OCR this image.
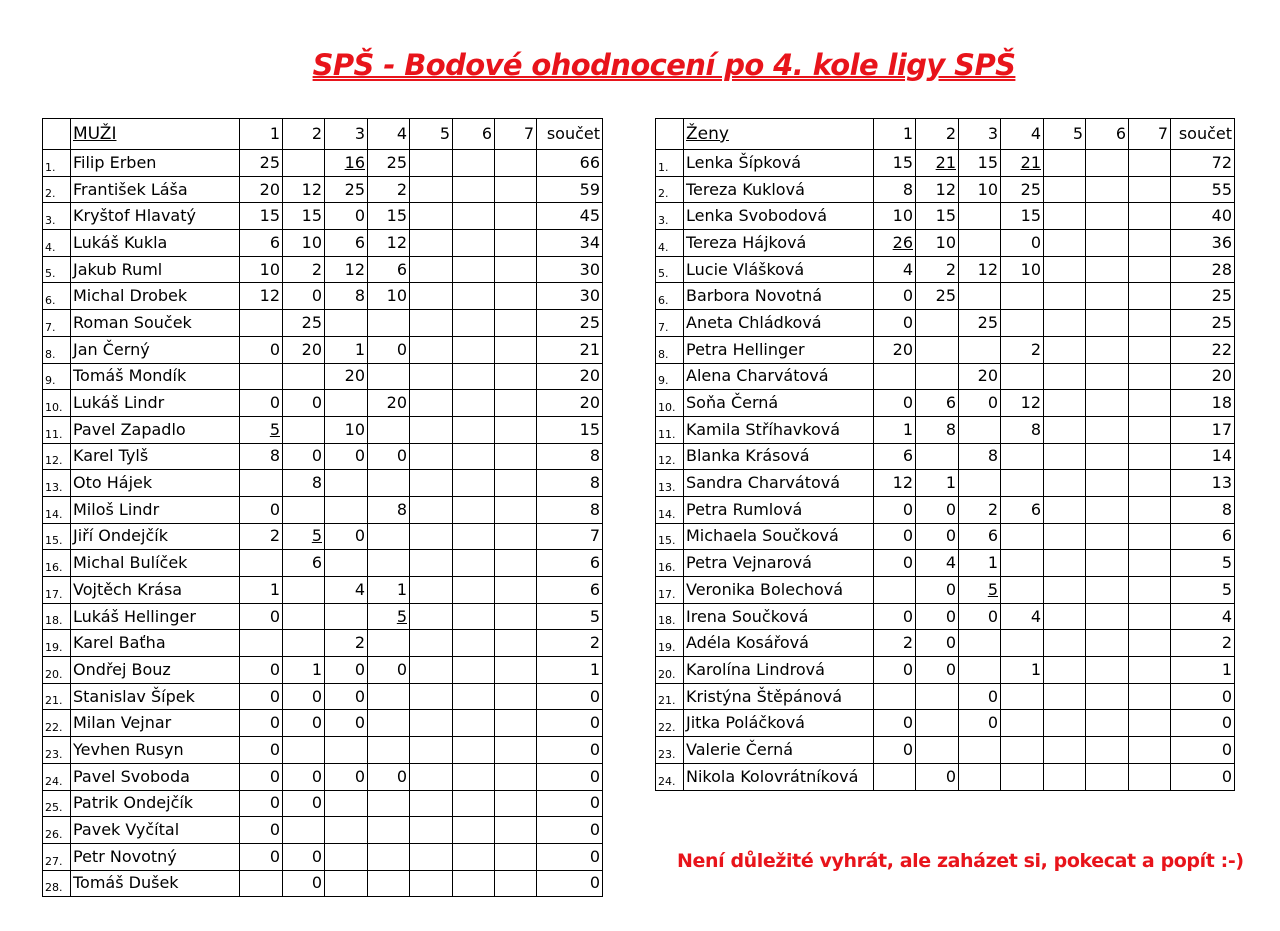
SPŠ - Bodové ohodnocení po 4. kole ligy SPŠ
	MUŽI	1	2	3	4	5	6	7	součet
1.	Filip Erben	25		16	25				66
2.	František Láša	20	12	25	2				59
3.	Kryštof Hlavatý	15	15	0	15				45
4.	Lukáš Kukla	6	10	6	12				34
5.	Jakub Ruml	10	2	12	6				30
6.	Michal Drobek	12	0	8	10				30
7.	Roman Souček		25						25
8.	Jan Černý	0	20	1	0				21
9.	Tomáš Mondík			20					20
10.	Lukáš Lindr	0	0		20				20
11.	Pavel Zapadlo	5		10					15
12.	Karel Tylš	8	0	0	0				8
13.	Oto Hájek		8						8
14.	Miloš Lindr	0			8				8
15.	Jiří Ondejčík	2	5	0					7
16.	Michal Bulíček		6						6
17.	Vojtěch Krása	1		4	1				6
18.	Lukáš Hellinger	0			5				5
19.	Karel Baťha			2					2
20.	Ondřej Bouz	0	1	0	0				1
21.	Stanislav Šípek	0	0	0					0
22.	Milan Vejnar	0	0	0					0
23.	Yevhen Rusyn	0							0
24.	Pavel Svoboda	0	0	0	0				0
25.	Patrik Ondejčík	0	0						0
26.	Pavek Vyčítal	0							0
27.	Petr Novotný	0	0						0
28.	Tomáš Dušek		0						0
	Ženy	1	2	3	4	5	6	7	součet
1.	Lenka Šípková	15	21	15	21				72
2.	Tereza Kuklová	8	12	10	25				55
3.	Lenka Svobodová	10	15		15				40
4.	Tereza Hájková	26	10		0				36
5.	Lucie Vlášková	4	2	12	10				28
6.	Barbora Novotná	0	25						25
7.	Aneta Chládková	0		25					25
8.	Petra Hellinger	20			2				22
9.	Alena Charvátová			20					20
10.	Soňa Černá	0	6	0	12				18
11.	Kamila Stříhavková	1	8		8				17
12.	Blanka Krásová	6		8					14
13.	Sandra Charvátová	12	1						13
14.	Petra Rumlová	0	0	2	6				8
15.	Michaela Součková	0	0	6					6
16.	Petra Vejnarová	0	4	1					5
17.	Veronika Bolechová		0	5					5
18.	Irena Součková	0	0	0	4				4
19.	Adéla Kosářová	2	0						2
20.	Karolína Lindrová	0	0		1				1
21.	Kristýna Štěpánová			0					0
22.	Jitka Poláčková	0		0					0
23.	Valerie Černá	0							0
24.	Nikola Kolovrátníková		0						0

Není důležité vyhrát, ale zaházet si, pokecat a popít :-)
